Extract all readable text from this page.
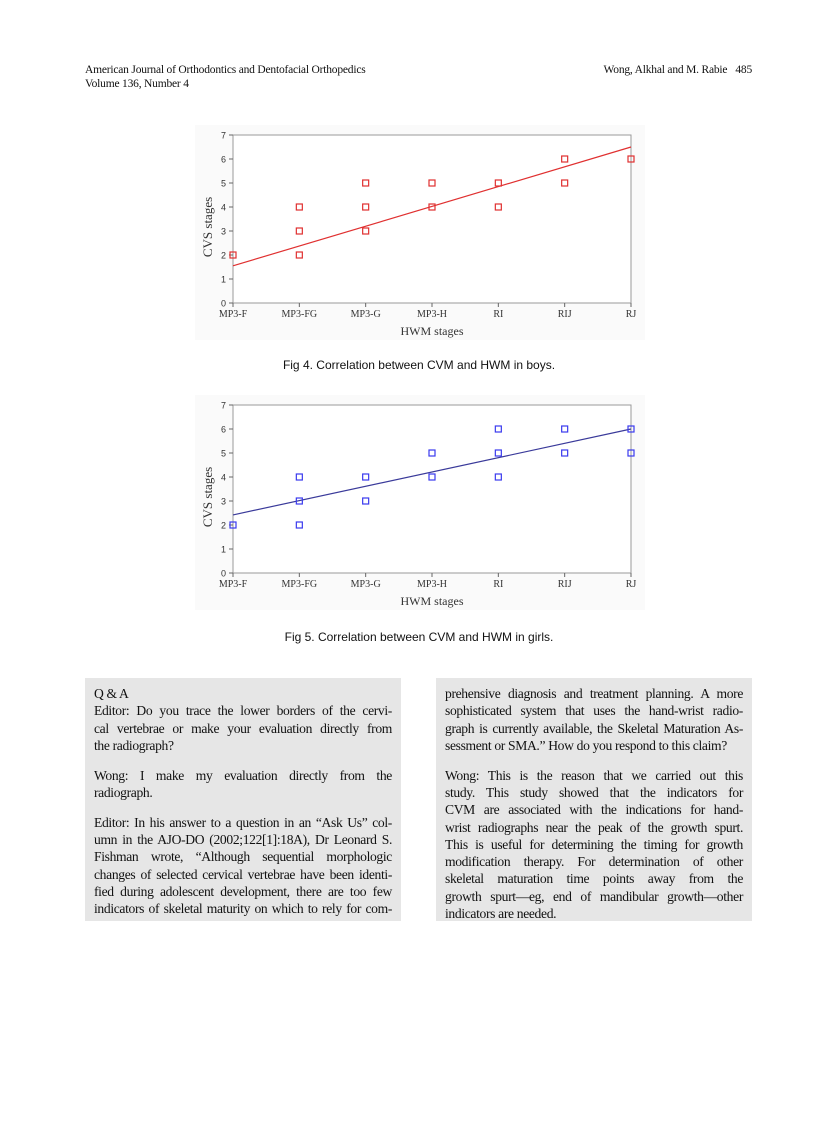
American Journal of Orthodontics and Dentofacial Orthopedics
Volume 136, Number 4
Wong, Alkhal and M. Rabie 485
0
1
2
3
4
5
6
7
MP3-F	MP3-FG	MP3-G	MP3-H	RI	RIJ	RJ
HWM stages
CVS stages
Fig 4. Correlation between CVM and HWM in boys.
0
1
2
3
4
5
6
7
MP3-F	MP3-FG	MP3-G	MP3-H	RI	RIJ	RJ
HWM stages
CVS stages
Fig 5. Correlation between CVM and HWM in girls.
Q & A
Editor: Do you trace the lower borders of the cervi-
cal vertebrae or make your evaluation directly from
the radiograph?
Wong: I make my evaluation directly from the
radiograph.
Editor: In his answer to a question in an “Ask Us” col-
umn in the AJO-DO (2002;122[1]:18A), Dr Leonard S.
Fishman wrote, “Although sequential morphologic
changes of selected cervical vertebrae have been identi-
fied during adolescent development, there are too few
indicators of skeletal maturity on which to rely for com-
prehensive diagnosis and treatment planning. A more
sophisticated system that uses the hand-wrist radio-
graph is currently available, the Skeletal Maturation As-
sessment or SMA.” How do you respond to this claim?
Wong: This is the reason that we carried out this
study. This study showed that the indicators for
CVM are associated with the indications for hand-
wrist radiographs near the peak of the growth spurt.
This is useful for determining the timing for growth
modification therapy. For determination of other
skeletal maturation time points away from the
growth spurt—eg, end of mandibular growth—other
indicators are needed.
